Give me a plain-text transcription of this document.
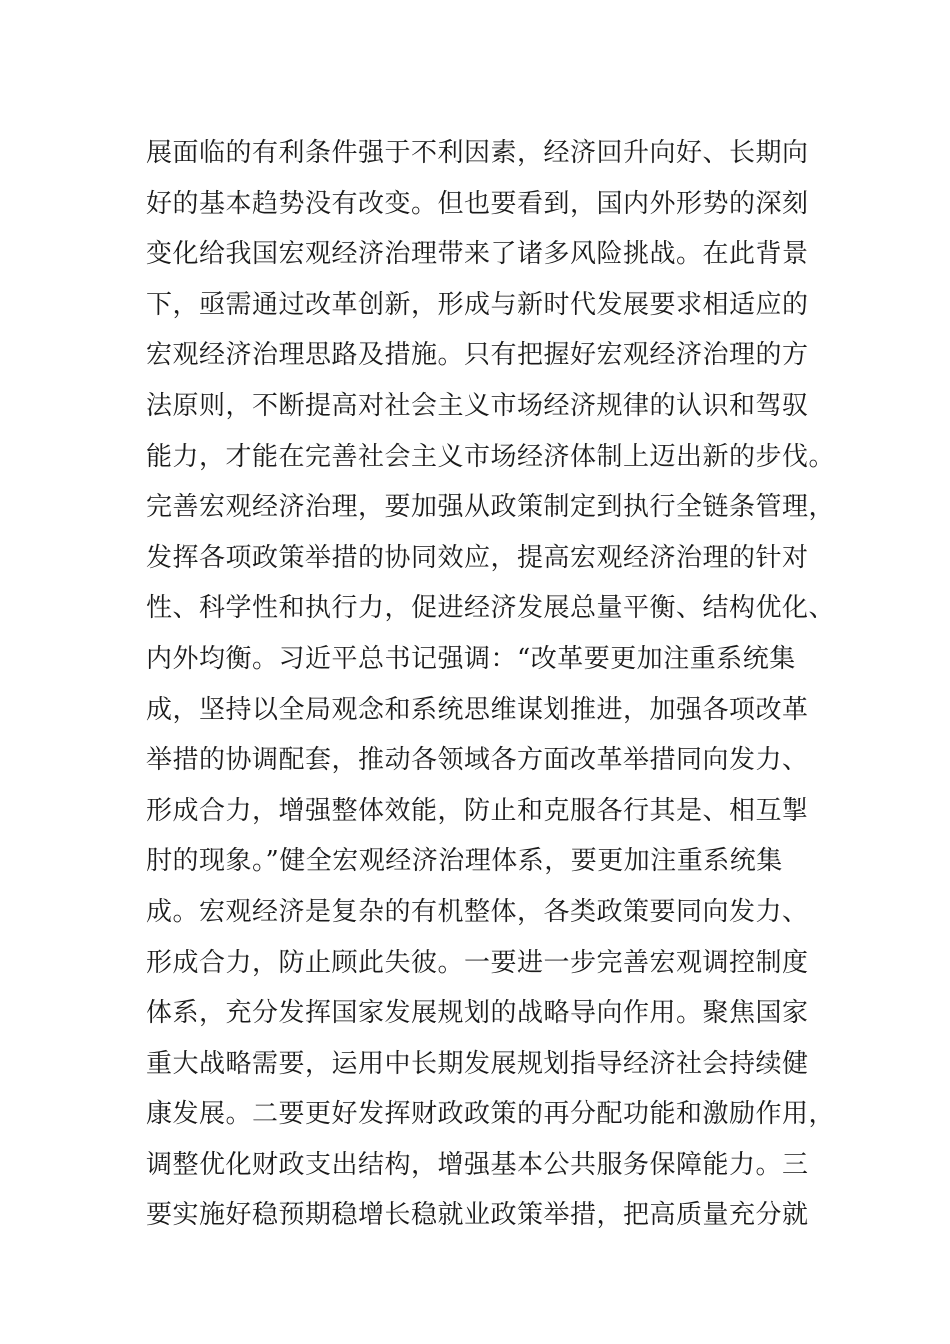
展面临的有利条件强于不利因素，经济回升向好、长期向
好的基本趋势没有改变。但也要看到，国内外形势的深刻
变化给我国宏观经济治理带来了诸多风险挑战。在此背景
下，亟需通过改革创新，形成与新时代发展要求相适应的
宏观经济治理思路及措施。只有把握好宏观经济治理的方
法原则，不断提高对社会主义市场经济规律的认识和驾驭
能力，才能在完善社会主义市场经济体制上迈出新的步伐。
完善宏观经济治理，要加强从政策制定到执行全链条管理，
发挥各项政策举措的协同效应，提高宏观经济治理的针对
性、科学性和执行力，促进经济发展总量平衡、结构优化、
内外均衡。习近平总书记强调：“改革要更加注重系统集
成，坚持以全局观念和系统思维谋划推进，加强各项改革
举措的协调配套，推动各领域各方面改革举措同向发力、
形成合力，增强整体效能，防止和克服各行其是、相互掣
肘的现象。”健全宏观经济治理体系，要更加注重系统集
成。宏观经济是复杂的有机整体，各类政策要同向发力、
形成合力，防止顾此失彼。一要进一步完善宏观调控制度
体系，充分发挥国家发展规划的战略导向作用。聚焦国家
重大战略需要，运用中长期发展规划指导经济社会持续健
康发展。二要更好发挥财政政策的再分配功能和激励作用，
调整优化财政支出结构，增强基本公共服务保障能力。三
要实施好稳预期稳增长稳就业政策举措，把高质量充分就
